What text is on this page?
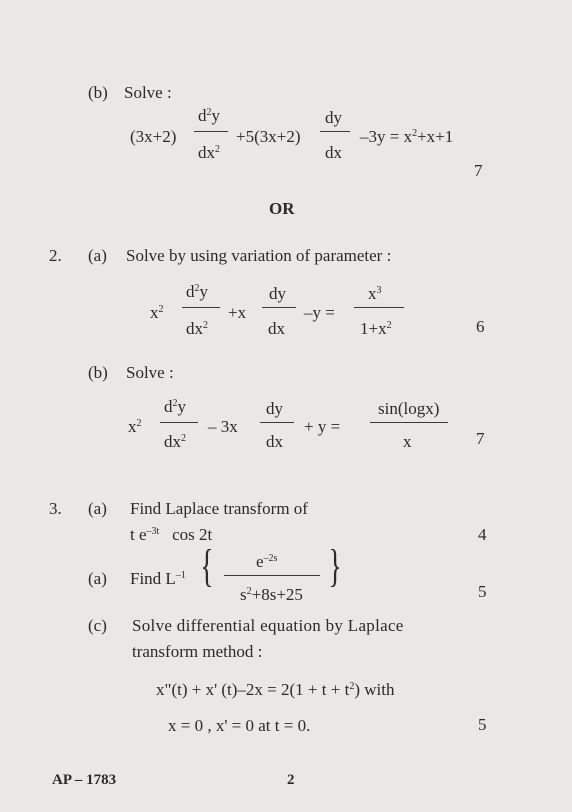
(b) Solve :
(3x+2)
$d^2y$
$dx^2$
+5(3x+2)
dy
dx
$-3y = x^2+x+1$
7
OR
2. (a) Solve by using variation of parameter :
$x^2$
$d^2y$
$dx^2$
+x
dy
dx
–y =
$x^3$
$1+x^2$	6
(b) Solve :
$x^2$
$d^2y$
$dx^2$
– 3x
dy
dx
+ y =
sin(logx)
x	7
3. (a) Find Laplace transform of
t $e^{-3t}$ cos 2t	4
(a) Find $L^{-1}$ { $e^{-2s}$
$s^2+8s+25$
}
5
(c) Solve differential equation by Laplace
transform method :
x"(t) + x' $(t)-2x = 2(1 + t + t^2)$ with
x = 0 , x' = 0 at t = 0.	5
AP – 1783	2
